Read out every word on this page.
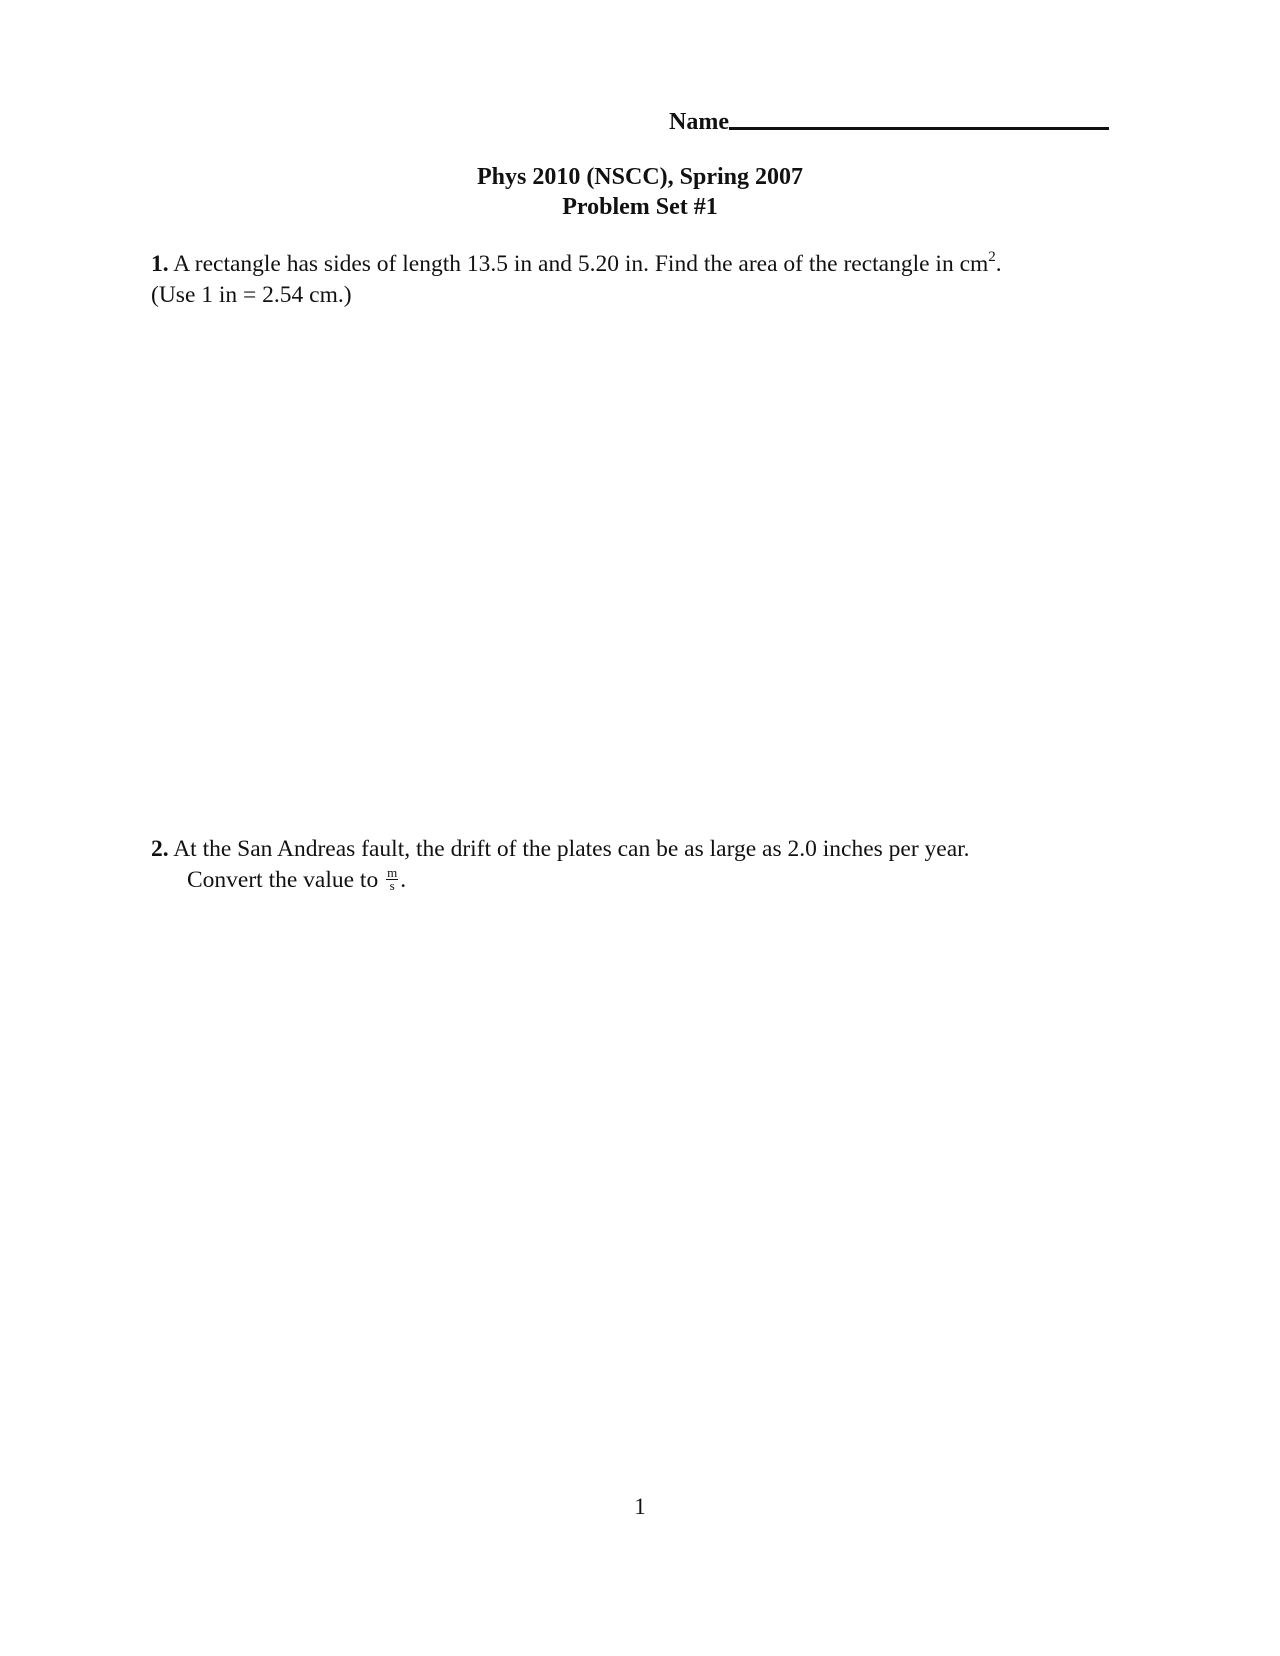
Name
Phys 2010 (NSCC), Spring 2007
Problem Set #1
1. A rectangle has sides of length 13.5 in and 5.20 in. Find the area of the rectangle in $cm^2$.
(Use 1 in = 2.54 cm.)
2. At the San Andreas fault, the drift of the plates can be as large as 2.0 inches per year.
Convert the value to $\frac{m}{s}$ .
1
